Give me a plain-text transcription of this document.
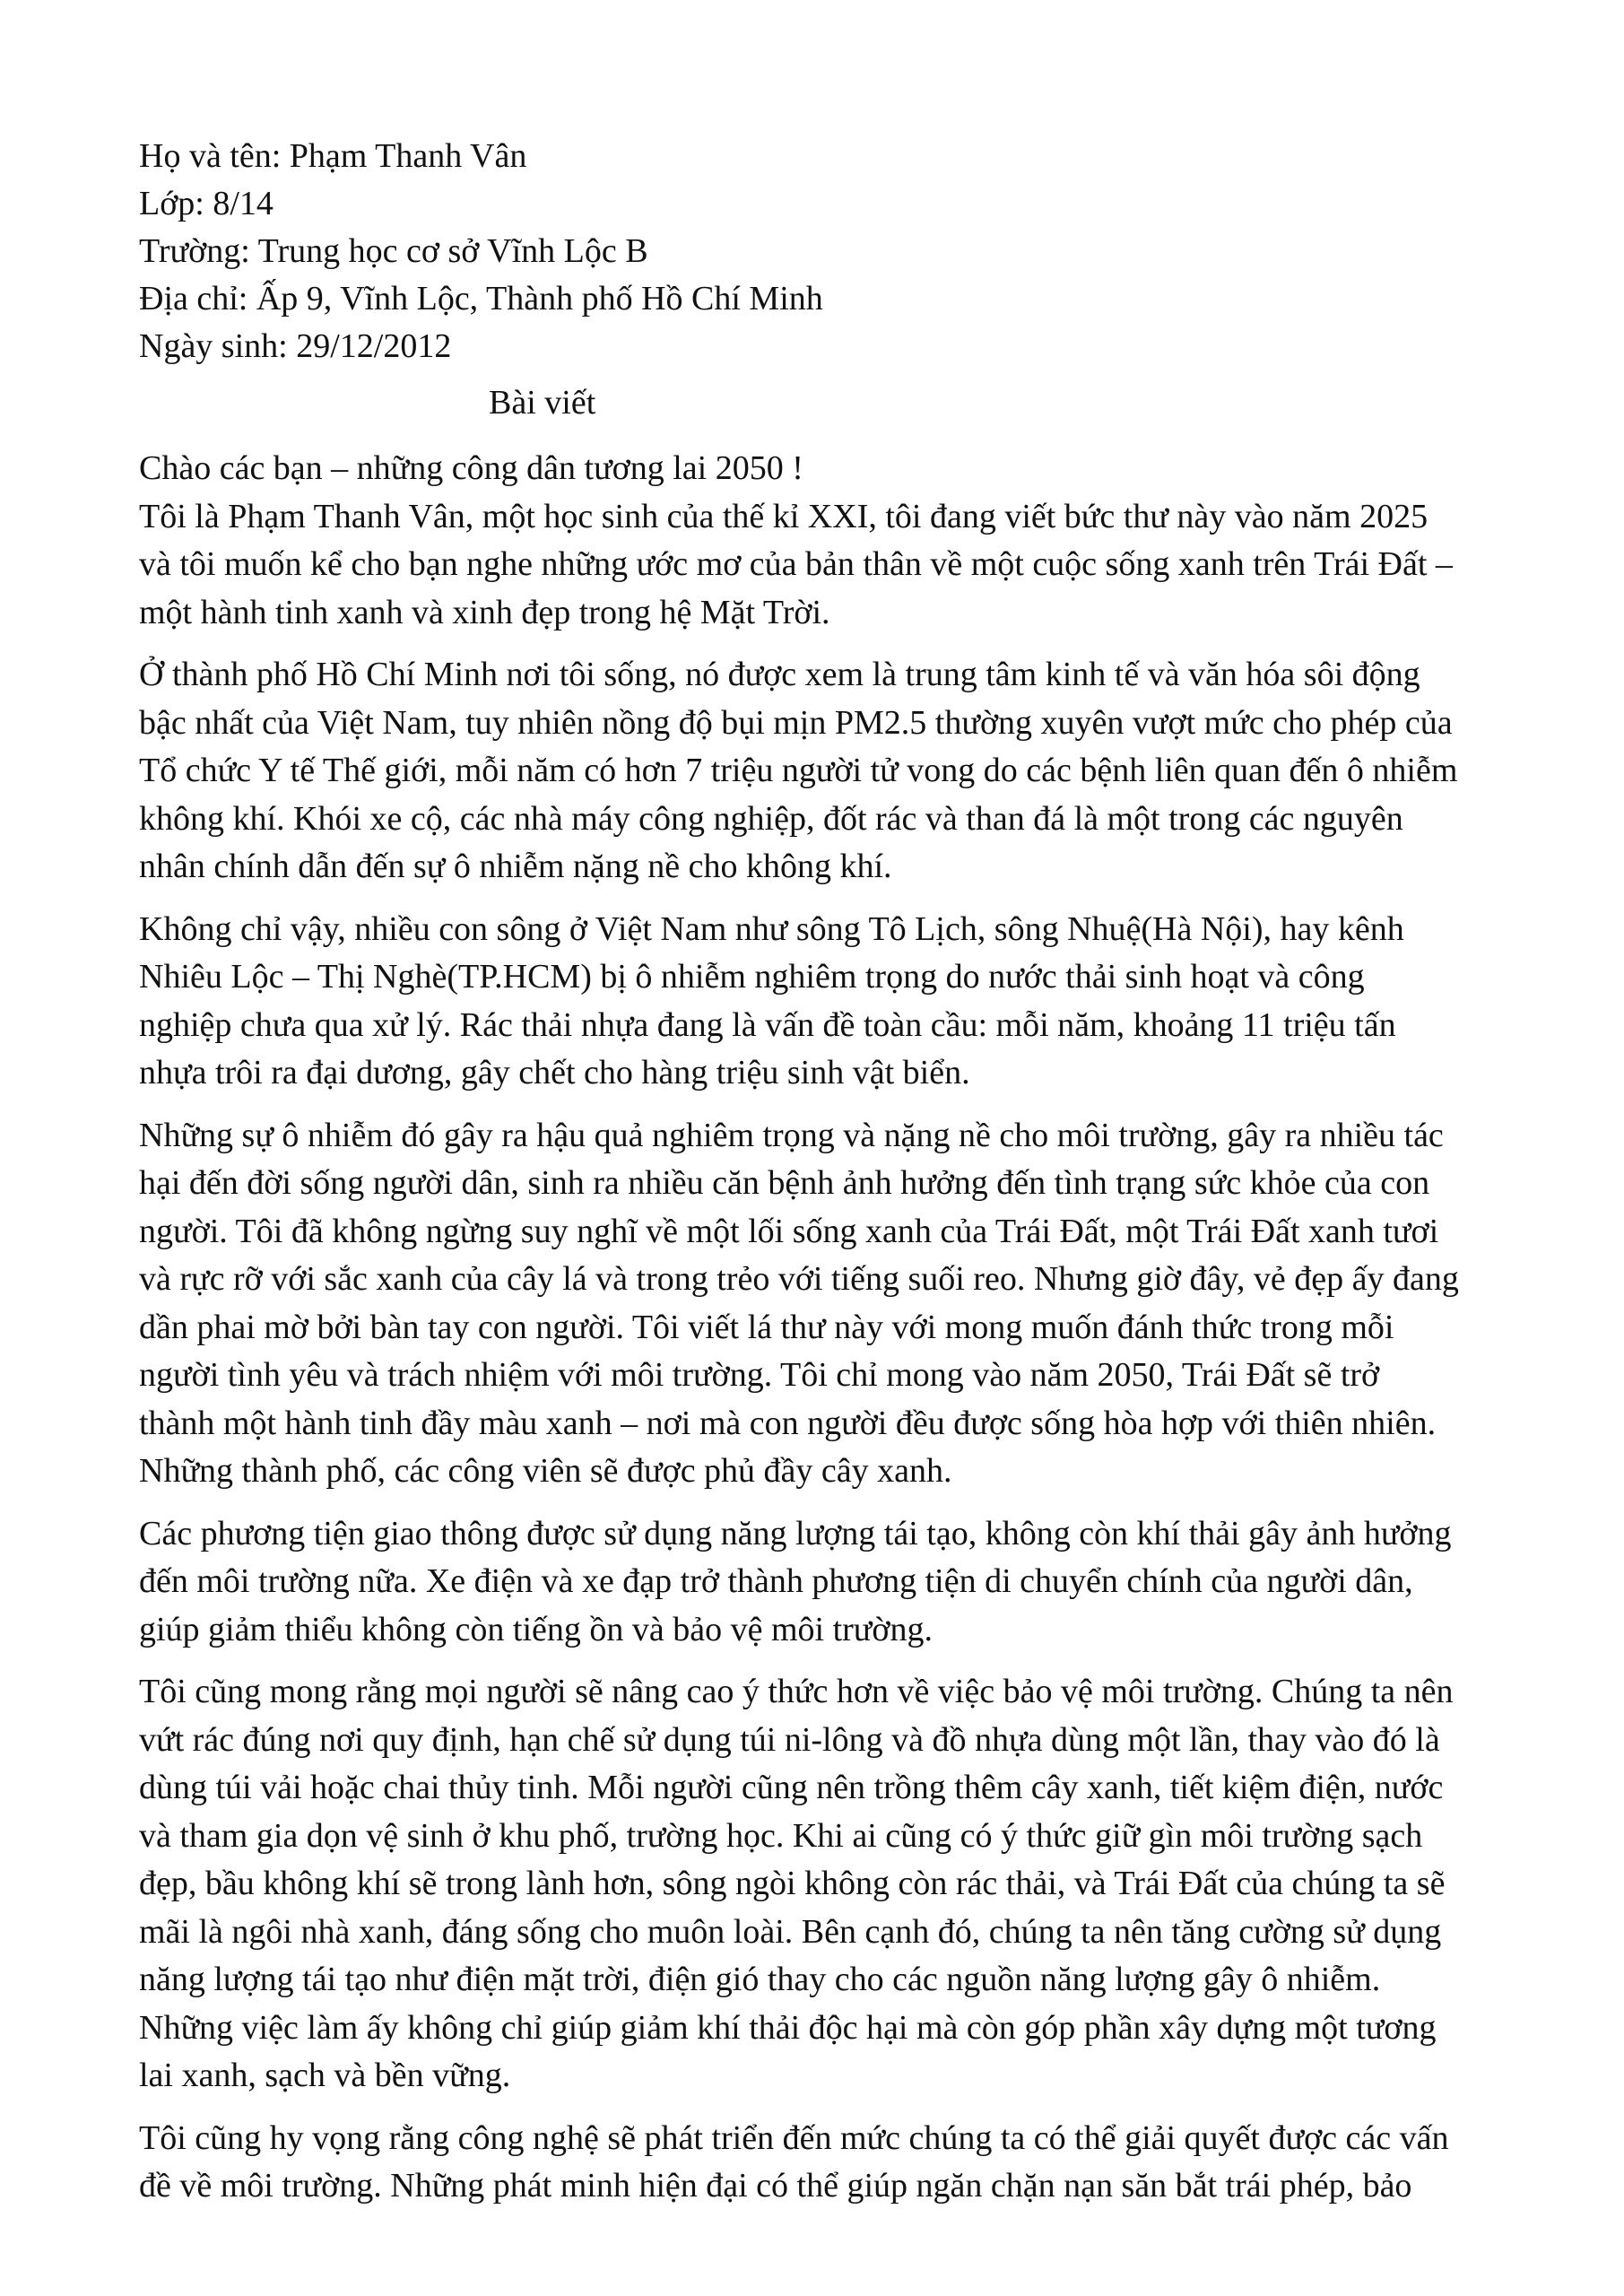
Họ và tên: Phạm Thanh Vân
Lớp: 8/14
Trường: Trung học cơ sở Vĩnh Lộc B
Địa chỉ: Ấp 9, Vĩnh Lộc, Thành phố Hồ Chí Minh
Ngày sinh: 29/12/2012
Bài viết
Chào các bạn – những công dân tương lai 2050 !
Tôi là Phạm Thanh Vân, một học sinh của thế kỉ XXI, tôi đang viết bức thư này vào năm 2025
và tôi muốn kể cho bạn nghe những ước mơ của bản thân về một cuộc sống xanh trên Trái Đất –
một hành tinh xanh và xinh đẹp trong hệ Mặt Trời.
Ở thành phố Hồ Chí Minh nơi tôi sống, nó được xem là trung tâm kinh tế và văn hóa sôi động
bậc nhất của Việt Nam, tuy nhiên nồng độ bụi mịn PM2.5 thường xuyên vượt mức cho phép của
Tổ chức Y tế Thế giới, mỗi năm có hơn 7 triệu người tử vong do các bệnh liên quan đến ô nhiễm
không khí. Khói xe cộ, các nhà máy công nghiệp, đốt rác và than đá là một trong các nguyên
nhân chính dẫn đến sự ô nhiễm nặng nề cho không khí.
Không chỉ vậy, nhiều con sông ở Việt Nam như sông Tô Lịch, sông Nhuệ(Hà Nội), hay kênh
Nhiêu Lộc – Thị Nghè(TP.HCM) bị ô nhiễm nghiêm trọng do nước thải sinh hoạt và công
nghiệp chưa qua xử lý. Rác thải nhựa đang là vấn đề toàn cầu: mỗi năm, khoảng 11 triệu tấn
nhựa trôi ra đại dương, gây chết cho hàng triệu sinh vật biển.
Những sự ô nhiễm đó gây ra hậu quả nghiêm trọng và nặng nề cho môi trường, gây ra nhiều tác
hại đến đời sống người dân, sinh ra nhiều căn bệnh ảnh hưởng đến tình trạng sức khỏe của con
người. Tôi đã không ngừng suy nghĩ về một lối sống xanh của Trái Đất, một Trái Đất xanh tươi
và rực rỡ với sắc xanh của cây lá và trong trẻo với tiếng suối reo. Nhưng giờ đây, vẻ đẹp ấy đang
dần phai mờ bởi bàn tay con người. Tôi viết lá thư này với mong muốn đánh thức trong mỗi
người tình yêu và trách nhiệm với môi trường. Tôi chỉ mong vào năm 2050, Trái Đất sẽ trở
thành một hành tinh đầy màu xanh – nơi mà con người đều được sống hòa hợp với thiên nhiên.
Những thành phố, các công viên sẽ được phủ đầy cây xanh.
Các phương tiện giao thông được sử dụng năng lượng tái tạo, không còn khí thải gây ảnh hưởng
đến môi trường nữa. Xe điện và xe đạp trở thành phương tiện di chuyển chính của người dân,
giúp giảm thiểu không còn tiếng ồn và bảo vệ môi trường.
Tôi cũng mong rằng mọi người sẽ nâng cao ý thức hơn về việc bảo vệ môi trường. Chúng ta nên
vứt rác đúng nơi quy định, hạn chế sử dụng túi ni-lông và đồ nhựa dùng một lần, thay vào đó là
dùng túi vải hoặc chai thủy tinh. Mỗi người cũng nên trồng thêm cây xanh, tiết kiệm điện, nước
và tham gia dọn vệ sinh ở khu phố, trường học. Khi ai cũng có ý thức giữ gìn môi trường sạch
đẹp, bầu không khí sẽ trong lành hơn, sông ngòi không còn rác thải, và Trái Đất của chúng ta sẽ
mãi là ngôi nhà xanh, đáng sống cho muôn loài. Bên cạnh đó, chúng ta nên tăng cường sử dụng
năng lượng tái tạo như điện mặt trời, điện gió thay cho các nguồn năng lượng gây ô nhiễm.
Những việc làm ấy không chỉ giúp giảm khí thải độc hại mà còn góp phần xây dựng một tương
lai xanh, sạch và bền vững.
Tôi cũng hy vọng rằng công nghệ sẽ phát triển đến mức chúng ta có thể giải quyết được các vấn
đề về môi trường. Những phát minh hiện đại có thể giúp ngăn chặn nạn săn bắt trái phép, bảo
